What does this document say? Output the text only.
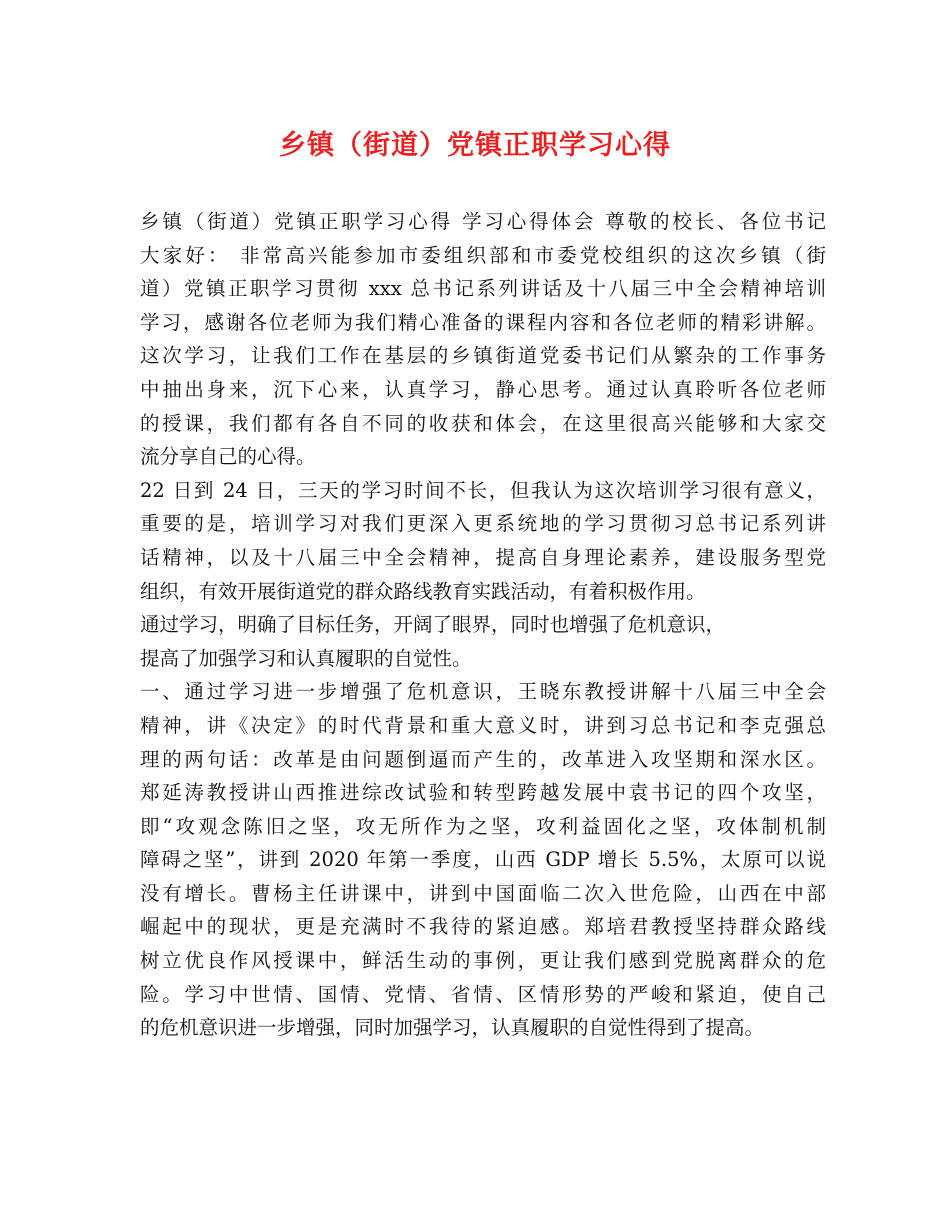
乡镇（街道）党镇正职学习心得

乡镇（街道）党镇正职学习心得 学习心得体会 尊敬的校长、各位书记
大家好： 非常高兴能参加市委组织部和市委党校组织的这次乡镇（街
道）党镇正职学习贯彻 xxx 总书记系列讲话及十八届三中全会精神培训
学习，感谢各位老师为我们精心准备的课程内容和各位老师的精彩讲解。
这次学习，让我们工作在基层的乡镇街道党委书记们从繁杂的工作事务
中抽出身来，沉下心来，认真学习，静心思考。通过认真聆听各位老师
的授课，我们都有各自不同的收获和体会，在这里很高兴能够和大家交
流分享自己的心得。

22 日到 24 日，三天的学习时间不长，但我认为这次培训学习很有意义，
重要的是，培训学习对我们更深入更系统地的学习贯彻习总书记系列讲
话精神，以及十八届三中全会精神，提高自身理论素养，建设服务型党
组织，有效开展街道党的群众路线教育实践活动，有着积极作用。

通过学习，明确了目标任务，开阔了眼界，同时也增强了危机意识，
提高了加强学习和认真履职的自觉性。

一、通过学习进一步增强了危机意识，王晓东教授讲解十八届三中全会
精神，讲《决定》的时代背景和重大意义时，讲到习总书记和李克强总
理的两句话：改革是由问题倒逼而产生的，改革进入攻坚期和深水区。
郑延涛教授讲山西推进综改试验和转型跨越发展中袁书记的四个攻坚，
即“攻观念陈旧之坚，攻无所作为之坚，攻利益固化之坚，攻体制机制
障碍之坚”，讲到 2020 年第一季度，山西 GDP 增长 5.5%，太原可以说
没有增长。曹杨主任讲课中，讲到中国面临二次入世危险，山西在中部
崛起中的现状，更是充满时不我待的紧迫感。郑培君教授坚持群众路线
树立优良作风授课中，鲜活生动的事例，更让我们感到党脱离群众的危
险。学习中世情、国情、党情、省情、区情形势的严峻和紧迫，使自己
的危机意识进一步增强，同时加强学习，认真履职的自觉性得到了提高。
